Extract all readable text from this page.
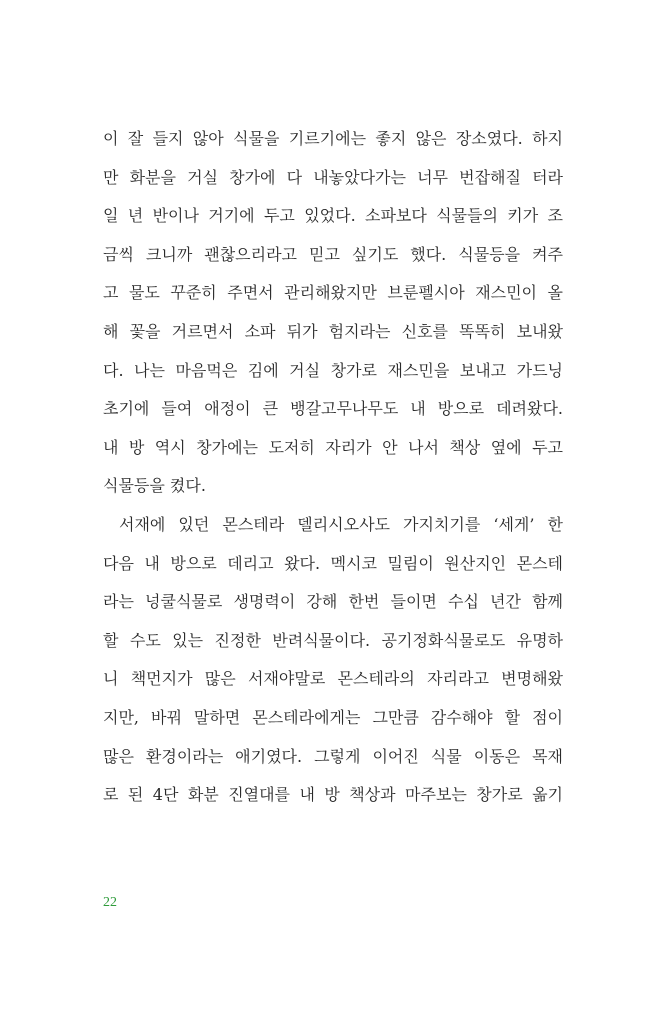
이 잘 들지 않아 식물을 기르기에는 좋지 않은 장소였다. 하지
만 화분을 거실 창가에 다 내놓았다가는 너무 번잡해질 터라
일 년 반이나 거기에 두고 있었다. 소파보다 식물들의 키가 조
금씩 크니까 괜찮으리라고 믿고 싶기도 했다. 식물등을 켜주
고 물도 꾸준히 주면서 관리해왔지만 브룬펠시아 재스민이 올
해 꽃을 거르면서 소파 뒤가 험지라는 신호를 똑똑히 보내왔
다. 나는 마음먹은 김에 거실 창가로 재스민을 보내고 가드닝
초기에 들여 애정이 큰 뱅갈고무나무도 내 방으로 데려왔다.
내 방 역시 창가에는 도저히 자리가 안 나서 책상 옆에 두고
식물등을 켰다.
서재에 있던 몬스테라 델리시오사도 가지치기를 ‘세게’ 한
다음 내 방으로 데리고 왔다. 멕시코 밀림이 원산지인 몬스테
라는 넝쿨식물로 생명력이 강해 한번 들이면 수십 년간 함께
할 수도 있는 진정한 반려식물이다. 공기정화식물로도 유명하
니 책먼지가 많은 서재야말로 몬스테라의 자리라고 변명해왔
지만, 바꿔 말하면 몬스테라에게는 그만큼 감수해야 할 점이
많은 환경이라는 애기였다. 그렇게 이어진 식물 이동은 목재
로 된 4단 화분 진열대를 내 방 책상과 마주보는 창가로 옮기
22
